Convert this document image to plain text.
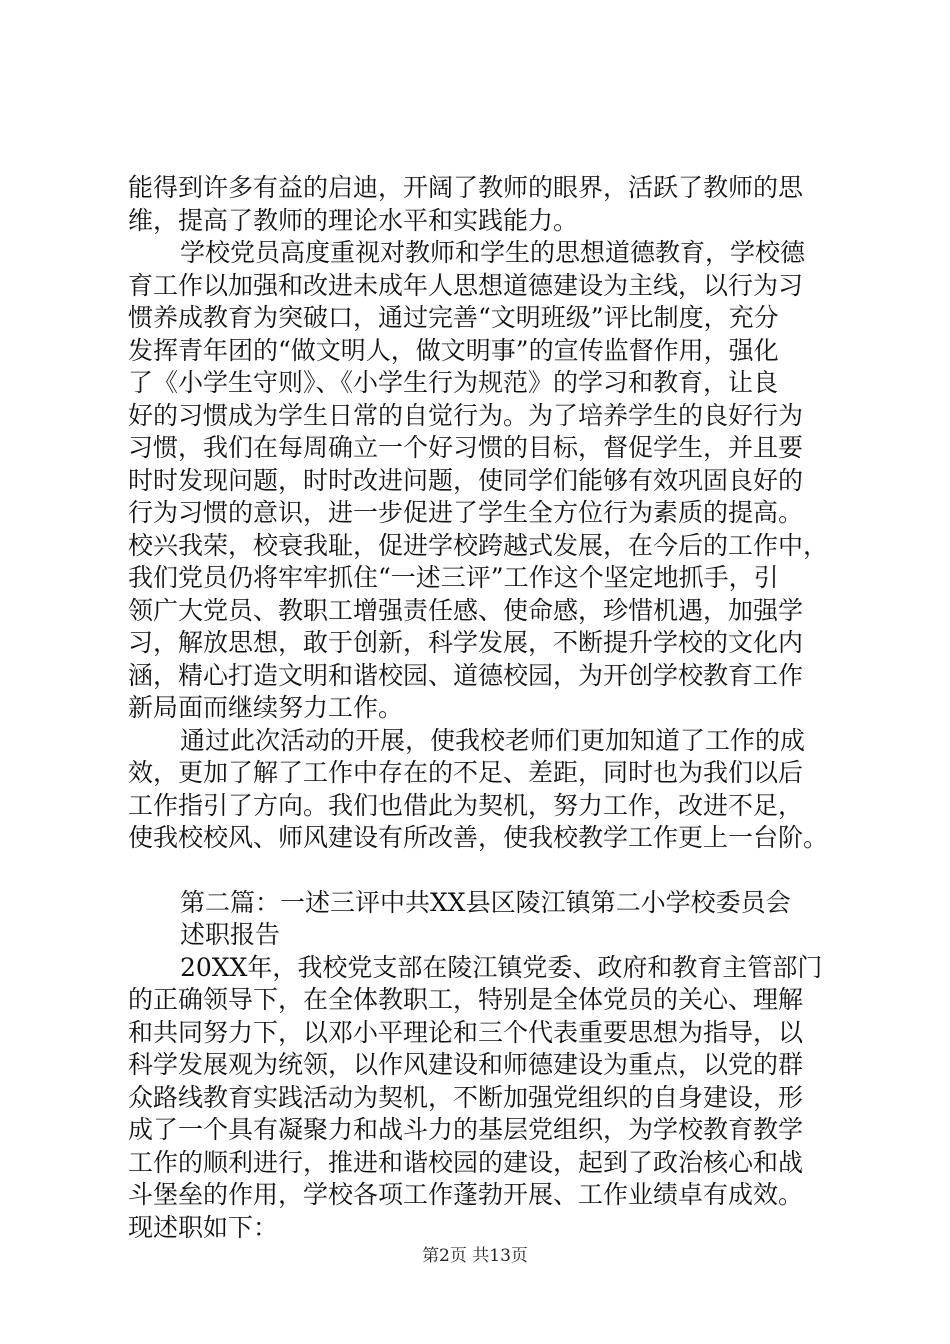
能得到许多有益的启迪，开阔了教师的眼界，活跃了教师的思
维，提高了教师的理论水平和实践能力。
学校党员高度重视对教师和学生的思想道德教育，学校德
育工作以加强和改进未成年人思想道德建设为主线，以行为习
惯养成教育为突破口，通过完善“文明班级”评比制度，充分
发挥青年团的“做文明人，做文明事”的宣传监督作用，强化
了《小学生守则》、《小学生行为规范》的学习和教育，让良
好的习惯成为学生日常的自觉行为。为了培养学生的良好行为
习惯，我们在每周确立一个好习惯的目标，督促学生，并且要
时时发现问题，时时改进问题，使同学们能够有效巩固良好的
行为习惯的意识，进一步促进了学生全方位行为素质的提高。
校兴我荣，校衰我耻，促进学校跨越式发展，在今后的工作中，
我们党员仍将牢牢抓住“一述三评”工作这个坚定地抓手，引
领广大党员、教职工增强责任感、使命感，珍惜机遇，加强学
习，解放思想，敢于创新，科学发展，不断提升学校的文化内
涵，精心打造文明和谐校园、道德校园，为开创学校教育工作
新局面而继续努力工作。
通过此次活动的开展，使我校老师们更加知道了工作的成
效，更加了解了工作中存在的不足、差距，同时也为我们以后
工作指引了方向。我们也借此为契机，努力工作，改进不足，
使我校校风、师风建设有所改善，使我校教学工作更上一台阶。
第二篇：一述三评中共XX县区陵江镇第二小学校委员会
述职报告
20XX年，我校党支部在陵江镇党委、政府和教育主管部门
的正确领导下，在全体教职工，特别是全体党员的关心、理解
和共同努力下，以邓小平理论和三个代表重要思想为指导，以
科学发展观为统领，以作风建设和师德建设为重点，以党的群
众路线教育实践活动为契机，不断加强党组织的自身建设，形
成了一个具有凝聚力和战斗力的基层党组织，为学校教育教学
工作的顺利进行，推进和谐校园的建设，起到了政治核心和战
斗堡垒的作用，学校各项工作蓬勃开展、工作业绩卓有成效。
现述职如下：
第2页 共13页
